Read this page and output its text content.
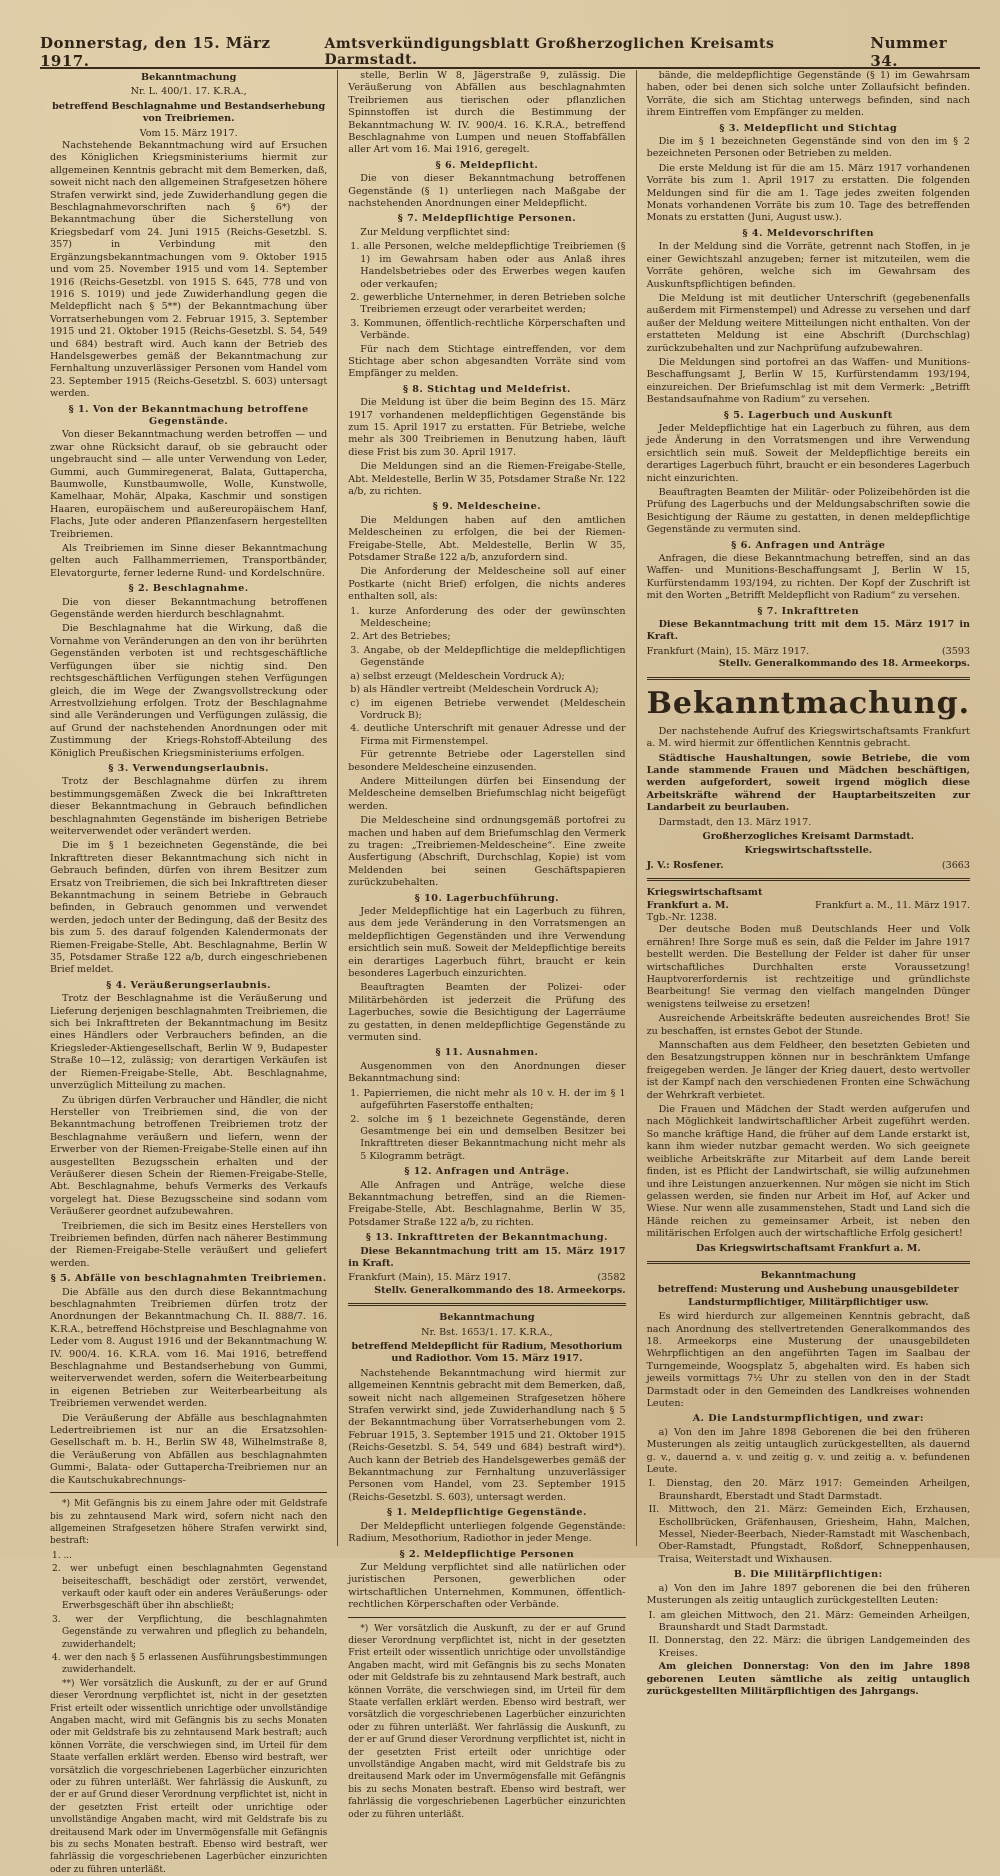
Donnerstag, den 15. März 1917.
Amtsverkündigungsblatt Großherzoglichen Kreisamts Darmstadt.
Nummer 34.
Bekanntmachung
Nr. L. 400/1. 17. K.R.A.,
betreffend Beschlagnahme und Bestandserhebung von Treibriemen.
Vom 15. März 1917.

Nachstehende Bekanntmachung wird auf Ersuchen des Königlichen Kriegsministeriums hiermit zur allgemeinen Kenntnis gebracht mit dem Bemerken, daß, soweit nicht nach den allgemeinen Strafgesetzen höhere Strafen verwirkt sind, jede Zuwiderhandlung gegen die Beschlagnahmevorschriften nach § 6*) der Bekanntmachung über die Sicherstellung von Kriegsbedarf vom 24. Juni 1915 (Reichs-Gesetzbl. S. 357) in Verbindung mit den Ergänzungsbekanntmachungen vom 9. Oktober 1915 und vom 25. November 1915 und vom 14. September 1916 (Reichs-Gesetzbl. von 1915 S. 645, 778 und von 1916 S. 1019) und jede Zuwiderhandlung gegen die Meldepflicht nach § 5**) der Bekanntmachung über Vorratserhebungen vom 2. Februar 1915, 3. September 1915 und 21. Oktober 1915 (Reichs-Gesetzbl. S. 54, 549 und 684) bestraft wird. Auch kann der Betrieb des Handelsgewerbes gemäß der Bekanntmachung zur Fernhaltung unzuverlässiger Personen vom Handel vom 23. September 1915 (Reichs-Gesetzbl. S. 603) untersagt werden.

§ 1. Von der Bekanntmachung betroffene Gegenstände.

Von dieser Bekanntmachung werden betroffen — und zwar ohne Rücksicht darauf, ob sie gebraucht oder ungebraucht sind — alle unter Verwendung von Leder, Gummi, auch Gummiregenerat, Balata, Guttapercha, Baumwolle, Kunstbaumwolle, Wolle, Kunstwolle, Kamelhaar, Mohär, Alpaka, Kaschmir und sonstigen Haaren, europäischem und außereuropäischem Hanf, Flachs, Jute oder anderen Pflanzenfasern hergestellten Treibriemen.

Als Treibriemen im Sinne dieser Bekanntmachung gelten auch Fallhammerriemen, Transportbänder, Elevatorgurte, ferner lederne Rund- und Kordelschnüre.

§ 2. Beschlagnahme.

Die von dieser Bekanntmachung betroffenen Gegenstände werden hierdurch beschlagnahmt.

Die Beschlagnahme hat die Wirkung, daß die Vornahme von Veränderungen an den von ihr berührten Gegenständen verboten ist und rechtsgeschäftliche Verfügungen über sie nichtig sind. Den rechtsgeschäftlichen Verfügungen stehen Verfügungen gleich, die im Wege der Zwangsvollstreckung oder Arrestvollziehung erfolgen. Trotz der Beschlagnahme sind alle Veränderungen und Verfügungen zulässig, die auf Grund der nachstehenden Anordnungen oder mit Zustimmung der Kriegs-Rohstoff-Abteilung des Königlich Preußischen Kriegsministeriums erfolgen.

§ 3. Verwendungserlaubnis.

Trotz der Beschlagnahme dürfen zu ihrem bestimmungsgemäßen Zweck die bei Inkrafttreten dieser Bekanntmachung in Gebrauch befindlichen beschlagnahmten Gegenstände im bisherigen Betriebe weiterverwendet oder verändert werden.

Die im § 1 bezeichneten Gegenstände, die bei Inkrafttreten dieser Bekanntmachung sich nicht in Gebrauch befinden, dürfen von ihrem Besitzer zum Ersatz von Treibriemen, die sich bei Inkrafttreten dieser Bekanntmachung in seinem Betriebe in Gebrauch befinden, in Gebrauch genommen und verwendet werden, jedoch unter der Bedingung, daß der Besitz des bis zum 5. des darauf folgenden Kalendermonats der Riemen-Freigabe-Stelle, Abt. Beschlagnahme, Berlin W 35, Potsdamer Straße 122 a/b, durch eingeschriebenen Brief meldet.

§ 4. Veräußerungserlaubnis.

Trotz der Beschlagnahme ist die Veräußerung und Lieferung derjenigen beschlagnahmten Treibriemen, die sich bei Inkrafttreten der Bekanntmachung im Besitz eines Händlers oder Verbrauchers befinden, an die Kriegsleder-Aktiengesellschaft, Berlin W 9, Budapester Straße 10—12, zulässig; von derartigen Verkäufen ist der Riemen-Freigabe-Stelle, Abt. Beschlagnahme, unverzüglich Mitteilung zu machen.

Zu übrigen dürfen Verbraucher und Händler, die nicht Hersteller von Treibriemen sind, die von der Bekanntmachung betroffenen Treibriemen trotz der Beschlagnahme veräußern und liefern, wenn der Erwerber von der Riemen-Freigabe-Stelle einen auf ihn ausgestellten Bezugsschein erhalten und der Veräußerer diesen Schein der Riemen-Freigabe-Stelle, Abt. Beschlagnahme, behufs Vermerks des Verkaufs vorgelegt hat. Diese Bezugsscheine sind sodann vom Veräußerer geordnet aufzubewahren.

Treibriemen, die sich im Besitz eines Herstellers von Treibriemen befinden, dürfen nach näherer Bestimmung der Riemen-Freigabe-Stelle veräußert und geliefert werden.

§ 5. Abfälle von beschlagnahmten Treibriemen.

Die Abfälle aus den durch diese Bekanntmachung beschlagnahmten Treibriemen dürfen trotz der Anordnungen der Bekanntmachung Ch. II. 888/7. 16. K.R.A., betreffend Höchstpreise und Beschlagnahme von Leder vom 8. August 1916 und der Bekanntmachung W. IV. 900/4. 16. K.R.A. vom 16. Mai 1916, betreffend Beschlagnahme und Bestandserhebung von Gummi, weiterverwendet werden, sofern die Weiterbearbeitung in eigenen Betrieben zur Weiterbearbeitung als Treibriemen verwendet werden.

Die Veräußerung der Abfälle aus beschlagnahmten Ledertreibriemen ist nur an die Ersatzsohlen-Gesellschaft m. b. H., Berlin SW 48, Wilhelmstraße 8, die Veräußerung von Abfällen aus beschlagnahmten Gummi-, Balata- oder Guttapercha-Treibriemen nur an die Kautschukabrechnungs-

*) Mit Gefängnis bis zu einem Jahre oder mit Geldstrafe bis zu zehntausend Mark wird, sofern nicht nach den allgemeinen Strafgesetzen höhere Strafen verwirkt sind, bestraft:

1. ...
2. wer unbefugt einen beschlagnahmten Gegenstand beiseiteschafft, beschädigt oder zerstört, verwendet, verkauft oder kauft oder ein anderes Veräußerungs- oder Erwerbsgeschäft über ihn abschließt;
3. wer der Verpflichtung, die beschlagnahmten Gegenstände zu verwahren und pfleglich zu behandeln, zuwiderhandelt;
4. wer den nach § 5 erlassenen Ausführungsbestimmungen zuwiderhandelt.

**) Wer vorsätzlich die Auskunft, zu der er auf Grund dieser Verordnung verpflichtet ist, nicht in der gesetzten Frist erteilt oder wissentlich unrichtige oder unvollständige Angaben macht, wird mit Gefängnis bis zu sechs Monaten oder mit Geldstrafe bis zu zehntausend Mark bestraft; auch können Vorräte, die verschwiegen sind, im Urteil für dem Staate verfallen erklärt werden. Ebenso wird bestraft, wer vorsätzlich die vorgeschriebenen Lagerbücher einzurichten oder zu führen unterläßt. Wer fahrlässig die Auskunft, zu der er auf Grund dieser Verordnung verpflichtet ist, nicht in der gesetzten Frist erteilt oder unrichtige oder unvollständige Angaben macht, wird mit Geldstrafe bis zu dreitausend Mark oder im Unvermögensfalle mit Gefängnis bis zu sechs Monaten bestraft. Ebenso wird bestraft, wer fahrlässig die vorgeschriebenen Lagerbücher einzurichten oder zu führen unterläßt.

stelle, Berlin W 8, Jägerstraße 9, zulässig. Die Veräußerung von Abfällen aus beschlagnahmten Treibriemen aus tierischen oder pflanzlichen Spinnstoffen ist durch die Bestimmung der Bekanntmachung W. IV. 900/4. 16. K.R.A., betreffend Beschlagnahme von Lumpen und neuen Stoffabfällen aller Art vom 16. Mai 1916, geregelt.

§ 6. Meldepflicht.

Die von dieser Bekanntmachung betroffenen Gegenstände (§ 1) unterliegen nach Maßgabe der nachstehenden Anordnungen einer Meldepflicht.

§ 7. Meldepflichtige Personen.

Zur Meldung verpflichtet sind:

1. alle Personen, welche meldepflichtige Treibriemen (§ 1) im Gewahrsam haben oder aus Anlaß ihres Handelsbetriebes oder des Erwerbes wegen kaufen oder verkaufen;
2. gewerbliche Unternehmer, in deren Betrieben solche Treibriemen erzeugt oder verarbeitet werden;
3. Kommunen, öffentlich-rechtliche Körperschaften und Verbände.

Für nach dem Stichtage eintreffenden, vor dem Stichtage aber schon abgesandten Vorräte sind vom Empfänger zu melden.

§ 8. Stichtag und Meldefrist.

Die Meldung ist über die beim Beginn des 15. März 1917 vorhandenen meldepflichtigen Gegenstände bis zum 15. April 1917 zu erstatten. Für Betriebe, welche mehr als 300 Treibriemen in Benutzung haben, läuft diese Frist bis zum 30. April 1917.

Die Meldungen sind an die Riemen-Freigabe-Stelle, Abt. Meldestelle, Berlin W 35, Potsdamer Straße Nr. 122 a/b, zu richten.

§ 9. Meldescheine.

Die Meldungen haben auf den amtlichen Meldescheinen zu erfolgen, die bei der Riemen-Freigabe-Stelle, Abt. Meldestelle, Berlin W 35, Potsdamer Straße 122 a/b, anzufordern sind.

Die Anforderung der Meldescheine soll auf einer Postkarte (nicht Brief) erfolgen, die nichts anderes enthalten soll, als:

1. kurze Anforderung des oder der gewünschten Meldescheine;
2. Art des Betriebes;
3. Angabe, ob der Meldepflichtige die meldepflichtigen Gegenstände
a) selbst erzeugt (Meldeschein Vordruck A);
b) als Händler vertreibt (Meldeschein Vordruck A);
c) im eigenen Betriebe verwendet (Meldeschein Vordruck B);
4. deutliche Unterschrift mit genauer Adresse und der Firma mit Firmenstempel.

Für getrennte Betriebe oder Lagerstellen sind besondere Meldescheine einzusenden.

Andere Mitteilungen dürfen bei Einsendung der Meldescheine demselben Briefumschlag nicht beigefügt werden.

Die Meldescheine sind ordnungsgemäß portofrei zu machen und haben auf dem Briefumschlag den Vermerk zu tragen: „Treibriemen-Meldescheine“. Eine zweite Ausfertigung (Abschrift, Durchschlag, Kopie) ist vom Meldenden bei seinen Geschäftspapieren zurückzubehalten.

§ 10. Lagerbuchführung.

Jeder Meldepflichtige hat ein Lagerbuch zu führen, aus dem jede Veränderung in den Vorratsmengen an meldepflichtigen Gegenständen und ihre Verwendung ersichtlich sein muß. Soweit der Meldepflichtige bereits ein derartiges Lagerbuch führt, braucht er kein besonderes Lagerbuch einzurichten.

Beauftragten Beamten der Polizei- oder Militärbehörden ist jederzeit die Prüfung des Lagerbuches, sowie die Besichtigung der Lagerräume zu gestatten, in denen meldepflichtige Gegenstände zu vermuten sind.

§ 11. Ausnahmen.

Ausgenommen von den Anordnungen dieser Bekanntmachung sind:

1. Papierriemen, die nicht mehr als 10 v. H. der im § 1 aufgeführten Faserstoffe enthalten;
2. solche im § 1 bezeichnete Gegenstände, deren Gesamtmenge bei ein und demselben Besitzer bei Inkrafttreten dieser Bekanntmachung nicht mehr als 5 Kilogramm beträgt.
§ 12. Anfragen und Anträge.

Alle Anfragen und Anträge, welche diese Bekanntmachung betreffen, sind an die Riemen-Freigabe-Stelle, Abt. Beschlagnahme, Berlin W 35, Potsdamer Straße 122 a/b, zu richten.

§ 13. Inkrafttreten der Bekanntmachung.

Diese Bekanntmachung tritt am 15. März 1917 in Kraft.

Frankfurt (Main), 15. März 1917.	(3582
Stellv. Generalkommando des 18. Armeekorps.
Bekanntmachung
Nr. Bst. 1653/1. 17. K.R.A.,
betreffend Meldepflicht für Radium, Mesothorium und Radiothor. Vom 15. März 1917.

Nachstehende Bekanntmachung wird hiermit zur allgemeinen Kenntnis gebracht mit dem Bemerken, daß, soweit nicht nach allgemeinen Strafgesetzen höhere Strafen verwirkt sind, jede Zuwiderhandlung nach § 5 der Bekanntmachung über Vorratserhebungen vom 2. Februar 1915, 3. September 1915 und 21. Oktober 1915 (Reichs-Gesetzbl. S. 54, 549 und 684) bestraft wird*). Auch kann der Betrieb des Handelsgewerbes gemäß der Bekanntmachung zur Fernhaltung unzuverlässiger Personen vom Handel, vom 23. September 1915 (Reichs-Gesetzbl. S. 603), untersagt werden.

§ 1. Meldepflichtige Gegenstände.

Der Meldepflicht unterliegen folgende Gegenstände: Radium, Mesothorium, Radiothor in jeder Menge.

§ 2. Meldepflichtige Personen

Zur Meldung verpflichtet sind alle natürlichen oder juristischen Personen, gewerblichen oder wirtschaftlichen Unternehmen, Kommunen, öffentlich-rechtlichen Körperschaften oder Verbände.

*) Wer vorsätzlich die Auskunft, zu der er auf Grund dieser Verordnung verpflichtet ist, nicht in der gesetzten Frist erteilt oder wissentlich unrichtige oder unvollständige Angaben macht, wird mit Gefängnis bis zu sechs Monaten oder mit Geldstrafe bis zu zehntausend Mark bestraft, auch können Vorräte, die verschwiegen sind, im Urteil für dem Staate verfallen erklärt werden. Ebenso wird bestraft, wer vorsätzlich die vorgeschriebenen Lagerbücher einzurichten oder zu führen unterläßt. Wer fahrlässig die Auskunft, zu der er auf Grund dieser Verordnung verpflichtet ist, nicht in der gesetzten Frist erteilt oder unrichtige oder unvollständige Angaben macht, wird mit Geldstrafe bis zu dreitausend Mark oder im Unvermögensfalle mit Gefängnis bis zu sechs Monaten bestraft. Ebenso wird bestraft, wer fahrlässig die vorgeschriebenen Lagerbücher einzurichten oder zu führen unterläßt.

bände, die meldepflichtige Gegenstände (§ 1) im Gewahrsam haben, oder bei denen sich solche unter Zollaufsicht befinden. Vorräte, die sich am Stichtag unterwegs befinden, sind nach ihrem Eintreffen vom Empfänger zu melden.

§ 3. Meldepflicht und Stichtag

Die im § 1 bezeichneten Gegenstände sind von den im § 2 bezeichneten Personen oder Betrieben zu melden.

Die erste Meldung ist für die am 15. März 1917 vorhandenen Vorräte bis zum 1. April 1917 zu erstatten. Die folgenden Meldungen sind für die am 1. Tage jedes zweiten folgenden Monats vorhandenen Vorräte bis zum 10. Tage des betreffenden Monats zu erstatten (Juni, August usw.).

§ 4. Meldevorschriften

In der Meldung sind die Vorräte, getrennt nach Stoffen, in je einer Gewichtszahl anzugeben; ferner ist mitzuteilen, wem die Vorräte gehören, welche sich im Gewahrsam des Auskunftspflichtigen befinden.

Die Meldung ist mit deutlicher Unterschrift (gegebenenfalls außerdem mit Firmenstempel) und Adresse zu versehen und darf außer der Meldung weitere Mitteilungen nicht enthalten. Von der erstatteten Meldung ist eine Abschrift (Durchschlag) zurückzubehalten und zur Nachprüfung aufzubewahren.

Die Meldungen sind portofrei an das Waffen- und Munitions-Beschaffungsamt J, Berlin W 15, Kurfürstendamm 193/194, einzureichen. Der Briefumschlag ist mit dem Vermerk: „Betrifft Bestandsaufnahme von Radium“ zu versehen.

§ 5. Lagerbuch und Auskunft

Jeder Meldepflichtige hat ein Lagerbuch zu führen, aus dem jede Änderung in den Vorratsmengen und ihre Verwendung ersichtlich sein muß. Soweit der Meldepflichtige bereits ein derartiges Lagerbuch führt, braucht er ein besonderes Lagerbuch nicht einzurichten.

Beauftragten Beamten der Militär- oder Polizeibehörden ist die Prüfung des Lagerbuchs und der Meldungsabschriften sowie die Besichtigung der Räume zu gestatten, in denen meldepflichtige Gegenstände zu vermuten sind.

§ 6. Anfragen und Anträge

Anfragen, die diese Bekanntmachung betreffen, sind an das Waffen- und Munitions-Beschaffungsamt J, Berlin W 15, Kurfürstendamm 193/194, zu richten. Der Kopf der Zuschrift ist mit den Worten „Betrifft Meldepflicht von Radium“ zu versehen.

§ 7. Inkrafttreten

Diese Bekanntmachung tritt mit dem 15. März 1917 in Kraft.

Frankfurt (Main), 15. März 1917.	(3593
Stellv. Generalkommando des 18. Armeekorps.
Bekanntmachung.

Der nachstehende Aufruf des Kriegswirtschaftsamts Frankfurt a. M. wird hiermit zur öffentlichen Kenntnis gebracht.

Städtische Haushaltungen, sowie Betriebe, die vom Lande stammende Frauen und Mädchen beschäftigen, werden aufgefordert, soweit irgend möglich diese Arbeitskräfte während der Hauptarbeitszeiten zur Landarbeit zu beurlauben.

Darmstadt, den 13. März 1917.

Großherzogliches Kreisamt Darmstadt.
Kriegswirtschaftsstelle.
J. V.: Rosfener.	(3663
Kriegswirtschaftsamt
Frankfurt a. M.	Frankfurt a. M., 11. März 1917.
Tgb.-Nr. 1238.

Der deutsche Boden muß Deutschlands Heer und Volk ernähren! Ihre Sorge muß es sein, daß die Felder im Jahre 1917 bestellt werden. Die Bestellung der Felder ist daher für unser wirtschaftliches Durchhalten erste Voraussetzung! Hauptvorerfordernis ist rechtzeitige und gründlichste Bearbeitung! Sie vermag den vielfach mangelnden Dünger wenigstens teilweise zu ersetzen!

Ausreichende Arbeitskräfte bedeuten ausreichendes Brot! Sie zu beschaffen, ist ernstes Gebot der Stunde.

Mannschaften aus dem Feldheer, den besetzten Gebieten und den Besatzungstruppen können nur in beschränktem Umfange freigegeben werden. Je länger der Krieg dauert, desto wertvoller ist der Kampf nach den verschiedenen Fronten eine Schwächung der Wehrkraft verbietet.

Die Frauen und Mädchen der Stadt werden aufgerufen und nach Möglichkeit landwirtschaftlicher Arbeit zugeführt werden. So manche kräftige Hand, die früher auf dem Lande erstarkt ist, kann ihm wieder nutzbar gemacht werden. Wo sich geeignete weibliche Arbeitskräfte zur Mitarbeit auf dem Lande bereit finden, ist es Pflicht der Landwirtschaft, sie willig aufzunehmen und ihre Leistungen anzuerkennen. Nur mögen sie nicht im Stich gelassen werden, sie finden nur Arbeit im Hof, auf Acker und Wiese. Nur wenn alle zusammenstehen, Stadt und Land sich die Hände reichen zu gemeinsamer Arbeit, ist neben den militärischen Erfolgen auch der wirtschaftliche Erfolg gesichert!

Das Kriegswirtschaftsamt Frankfurt a. M.
Bekanntmachung
betreffend: Musterung und Aushebung unausgebildeter Landsturmpflichtiger, Militärpflichtiger usw.

Es wird hierdurch zur allgemeinen Kenntnis gebracht, daß nach Anordnung des stellvertretenden Generalkommandos des 18. Armeekorps eine Musterung der unausgebildeten Wehrpflichtigen an den angeführten Tagen im Saalbau der Turngemeinde, Woogsplatz 5, abgehalten wird. Es haben sich jeweils vormittags 7½ Uhr zu stellen von den in der Stadt Darmstadt oder in den Gemeinden des Landkreises wohnenden Leuten:

A. Die Landsturmpflichtigen, und zwar:

a) Von den im Jahre 1898 Geborenen die bei den früheren Musterungen als zeitig untauglich zurückgestellten, als dauernd g. v., dauernd a. v. und zeitig g. v. und zeitig a. v. befundenen Leute.

I. Dienstag, den 20. März 1917: Gemeinden Arheilgen, Braunshardt, Eberstadt und Stadt Darmstadt.
II. Mittwoch, den 21. März: Gemeinden Eich, Erzhausen, Eschollbrücken, Gräfenhausen, Griesheim, Hahn, Malchen, Messel, Nieder-Beerbach, Nieder-Ramstadt mit Waschenbach, Ober-Ramstadt, Pfungstadt, Roßdorf, Schneppenhausen, Traisa, Weiterstadt und Wixhausen.
B. Die Militärpflichtigen:

a) Von den im Jahre 1897 geborenen die bei den früheren Musterungen als zeitig untauglich zurückgestellten Leuten:

I. am gleichen Mittwoch, den 21. März: Gemeinden Arheilgen, Braunshardt und Stadt Darmstadt.
II. Donnerstag, den 22. März: die übrigen Landgemeinden des Kreises.

Am gleichen Donnerstag: Von den im Jahre 1898 geborenen Leuten sämtliche als zeitig untauglich zurückgestellten Militärpflichtigen des Jahrgangs.
